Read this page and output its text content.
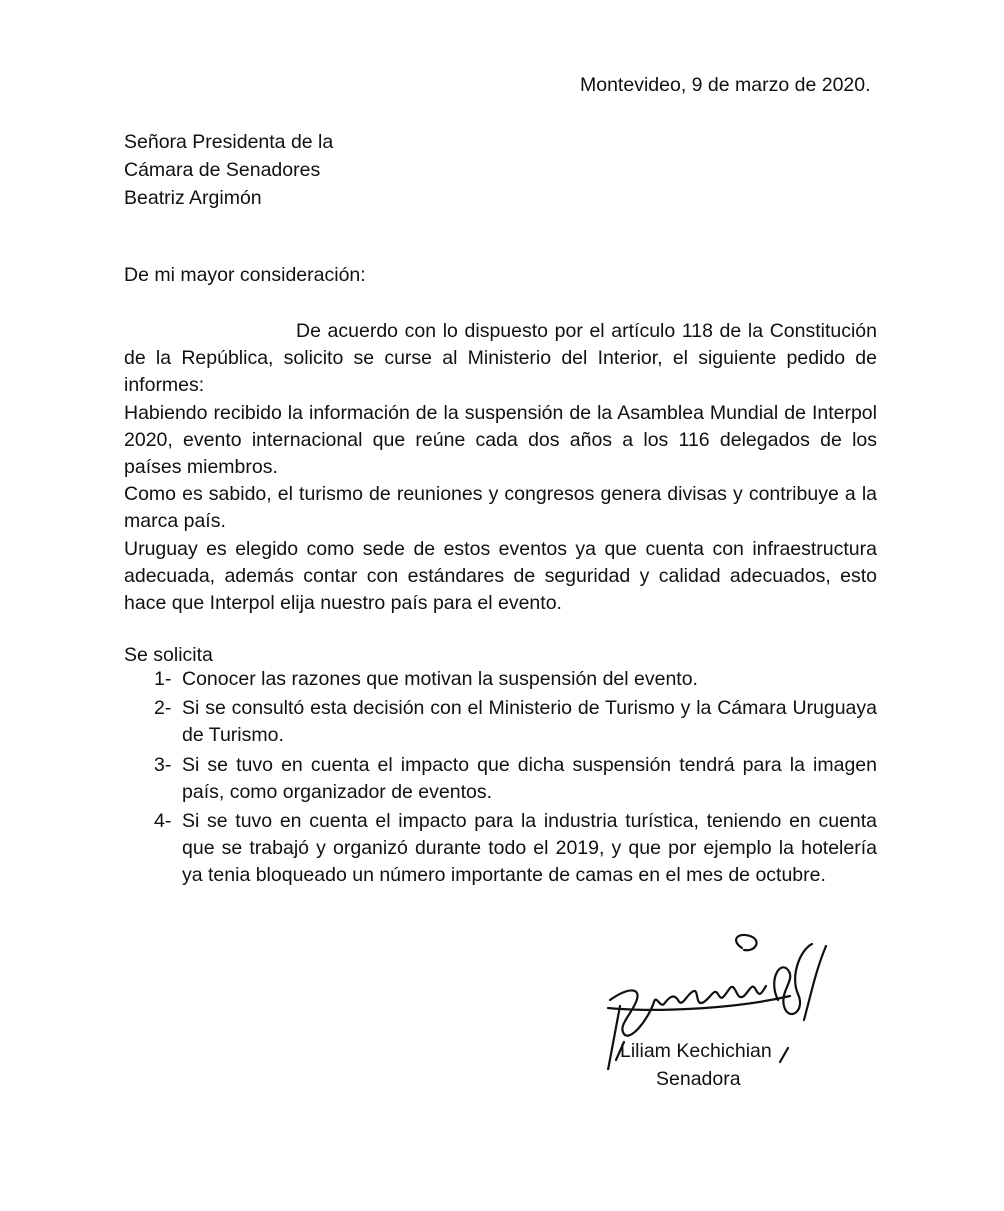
Montevideo, 9 de marzo de 2020.
Señora Presidenta de la
Cámara de Senadores
Beatriz Argimón
De mi mayor consideración:

De acuerdo con lo dispuesto por el artículo 118 de la Constitución de la República, solicito se curse al Ministerio del Interior, el siguiente pedido de informes:

Habiendo recibido la información de la suspensión de la Asamblea Mundial de Interpol 2020, evento internacional que reúne cada dos años a los 116 delegados de los países miembros.

Como es sabido, el turismo de reuniones y congresos genera divisas y contribuye a la marca país.

Uruguay es elegido como sede de estos eventos ya que cuenta con infraestructura adecuada, además contar con estándares de seguridad y calidad adecuados, esto hace que Interpol elija nuestro país para el evento.

Se solicita
1- Conocer las razones que motivan la suspensión del evento.
2- Si se consultó esta decisión con el Ministerio de Turismo y la Cámara Uruguaya de Turismo.
3- Si se tuvo en cuenta el impacto que dicha suspensión tendrá para la imagen país, como organizador de eventos.
4- Si se tuvo en cuenta el impacto para la industria turística, teniendo en cuenta que se trabajó y organizó durante todo el 2019, y que por ejemplo la hotelería ya tenia bloqueado un número importante de camas en el mes de octubre.
Liliam Kechichian
Senadora
